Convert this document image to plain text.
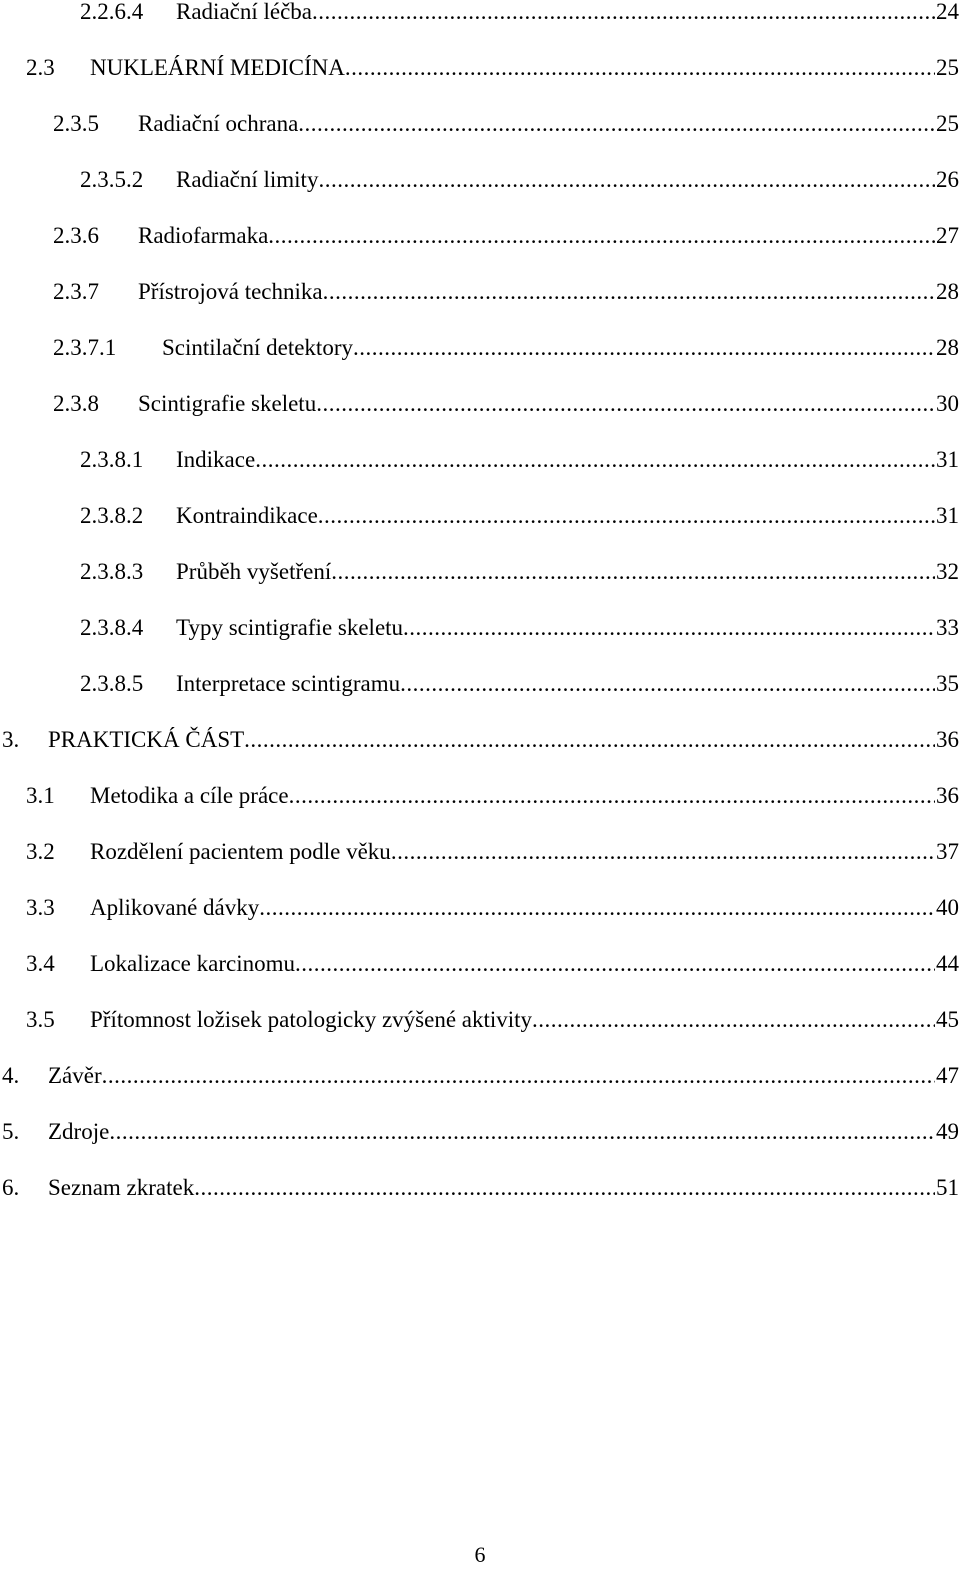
2.2.6.4 Radiační léčba .....	24
2.3 NUKLEÁRNÍ MEDICÍNA .....	25
2.3.5 Radiační ochrana .....	25
2.3.5.2 Radiační limity .....	26
2.3.6 Radiofarmaka .....	27
2.3.7 Přístrojová technika .....	28
2.3.7.1 Scintilační detektory .....	28
2.3.8 Scintigrafie skeletu .....	30
2.3.8.1 Indikace .....	31
2.3.8.2 Kontraindikace .....	31
2.3.8.3 Průběh vyšetření .....	32
2.3.8.4 Typy scintigrafie skeletu .....	33
2.3.8.5 Interpretace scintigramu .....	35
3. PRAKTICKÁ ČÁST .....	36
3.1 Metodika a cíle práce .....	36
3.2 Rozdělení pacientem podle věku .....	37
3.3 Aplikované dávky .....	40
3.4 Lokalizace karcinomu .....	44
3.5 Přítomnost ložisek patologicky zvýšené aktivity .....	45
4. Závěr .....	47
5. Zdroje .....	49
6. Seznam zkratek .....	51
6
